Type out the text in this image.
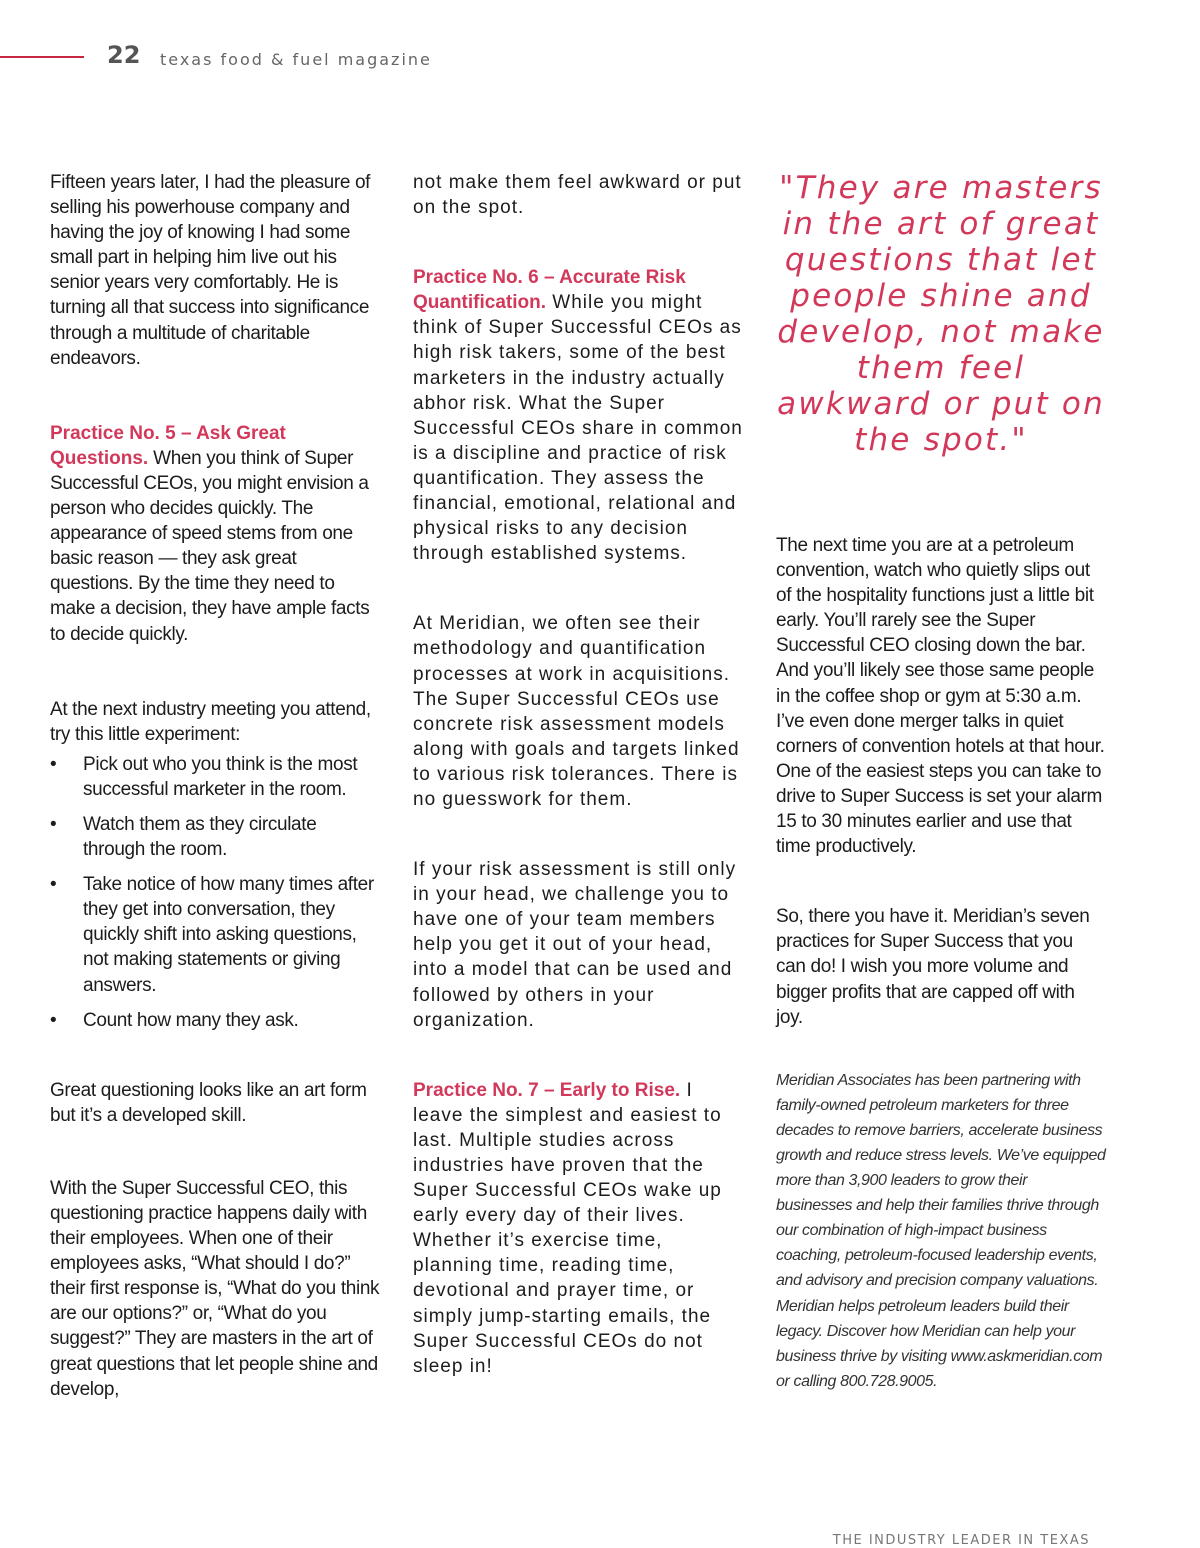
22 texas food & fuel magazine

Fifteen years later, I had the pleasure of selling his powerhouse company and having the joy of knowing I had some small part in helping him live out his senior years very comfortably. He is turning all that success into significance through a multitude of charitable endeavors.

Practice No. 5 – Ask Great Questions. When you think of Super Successful CEOs, you might envision a person who decides quickly. The appearance of speed stems from one basic reason — they ask great questions. By the time they need to make a decision, they have ample facts to decide quickly.

At the next industry meeting you attend, try this little experiment:

• Pick out who you think is the most successful marketer in the room.
• Watch them as they circulate through the room.
• Take notice of how many times after they get into conversation, they quickly shift into asking questions, not making statements or giving answers.
• Count how many they ask.

Great questioning looks like an art form but it’s a developed skill.

With the Super Successful CEO, this questioning practice happens daily with their employees. When one of their employees asks, “What should I do?” their first response is, “What do you think are our options?” or, “What do you suggest?” They are masters in the art of great questions that let people shine and develop,

not make them feel awkward or put on the spot.

Practice No. 6 – Accurate Risk Quantification. While you might think of Super Successful CEOs as high risk takers, some of the best marketers in the industry actually abhor risk. What the Super Successful CEOs share in common is a discipline and practice of risk quantification. They assess the financial, emotional, relational and physical risks to any decision through established systems.

At Meridian, we often see their methodology and quantification processes at work in acquisitions. The Super Successful CEOs use concrete risk assessment models along with goals and targets linked to various risk tolerances. There is no guesswork for them.

If your risk assessment is still only in your head, we challenge you to have one of your team members help you get it out of your head, into a model that can be used and followed by others in your organization.

Practice No. 7 – Early to Rise. I leave the simplest and easiest to last. Multiple studies across industries have proven that the Super Successful CEOs wake up early every day of their lives. Whether it’s exercise time, planning time, reading time, devotional and prayer time, or simply jump-starting emails, the Super Successful CEOs do not sleep in!

"They are masters in the art of great questions that let people shine and develop, not make them feel awkward or put on the spot."

The next time you are at a petroleum convention, watch who quietly slips out of the hospitality functions just a little bit early. You’ll rarely see the Super Successful CEO closing down the bar. And you’ll likely see those same people in the coffee shop or gym at 5:30 a.m. I’ve even done merger talks in quiet corners of convention hotels at that hour. One of the easiest steps you can take to drive to Super Success is set your alarm 15 to 30 minutes earlier and use that time productively.

So, there you have it. Meridian’s seven practices for Super Success that you can do! I wish you more volume and bigger profits that are capped off with joy.

Meridian Associates has been partnering with family-owned petroleum marketers for three decades to remove barriers, accelerate business growth and reduce stress levels. We’ve equipped more than 3,900 leaders to grow their businesses and help their families thrive through our combination of high-impact business coaching, petroleum-focused leadership events, and advisory and precision company valuations. Meridian helps petroleum leaders build their legacy. Discover how Meridian can help your business thrive by visiting www.askmeridian.com or calling 800.728.9005.

THE INDUSTRY LEADER IN TEXAS
